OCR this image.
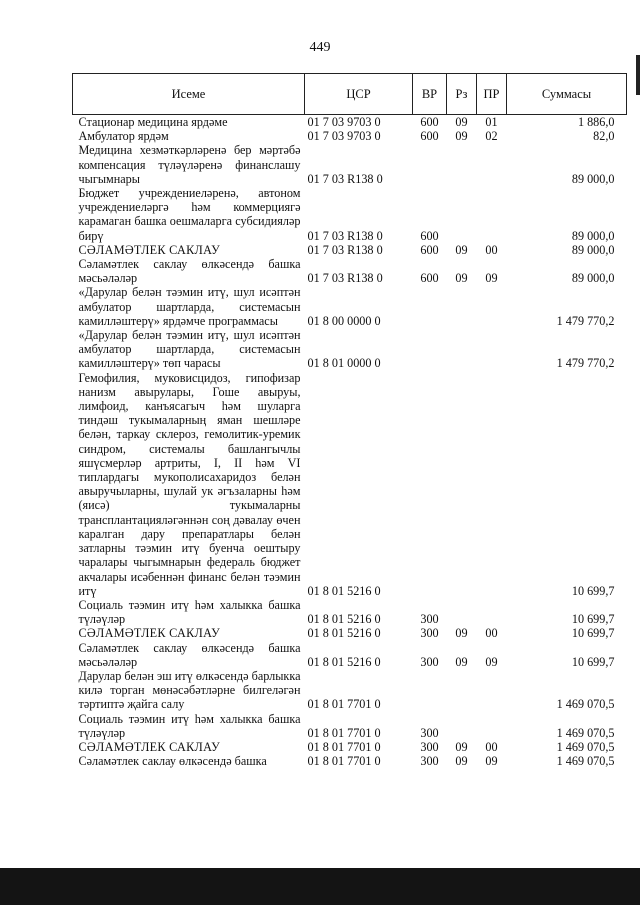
449
Исеме	ЦСР	ВР	Рз	ПР	Суммасы
Стационар медицина ярдәме	01 7 03 9703 0	600	09	01	1 886,0
Амбулатор ярдәм	01 7 03 9703 0	600	09	02	82,0
Медицина хезмәткәрләренә бер мәртәбә компенсация түләүләренә финанслашу чыгымнары	01 7 03 R138 0				89 000,0
Бюджет учреждениеләренә, автоном учреждениеләргә һәм коммерциягә карамаган башка оешмаларга субсидияләр бирү	01 7 03 R138 0	600			89 000,0
СӘЛАМӘТЛЕК САКЛАУ	01 7 03 R138 0	600	09	00	89 000,0
Сәламәтлек саклау өлкәсендә башка мәсьәләләр	01 7 03 R138 0	600	09	09	89 000,0
«Дарулар белән тәэмин итү, шул исәптән амбулатор шартларда, системасын камилләштерү» ярдәмче программасы	01 8 00 0000 0				1 479 770,2
«Дарулар белән тәэмин итү, шул исәптән амбулатор шартларда, системасын камилләштерү» төп чарасы	01 8 01 0000 0				1 479 770,2
Гемофилия, муковисцидоз, гипофизар нанизм авырулары, Гоше авыруы, лимфоид, канъясагыч һәм шуларга тиндәш тукымаларның яман шешләре белән, таркау склероз, гемолитик-уремик синдром, системалы башлангычлы яшүсмерләр артриты, I, II һәм VI типлардагы мукополисахаридоз белән авыручыларны, шулай ук әгъзаларны һәм (яисә) тукымаларны трансплантацияләгәннән соң дәвалау өчен каралган дару препаратлары белән затларны тәэмин итү буенча оештыру чаралары чыгымнарын федераль бюджет акчалары исәбеннән финанс белән тәэмин итү	01 8 01 5216 0				10 699,7
Социаль тәэмин итү һәм халыкка башка түләүләр	01 8 01 5216 0	300			10 699,7
СӘЛАМӘТЛЕК САКЛАУ	01 8 01 5216 0	300	09	00	10 699,7
Сәламәтлек саклау өлкәсендә башка мәсьәләләр	01 8 01 5216 0	300	09	09	10 699,7
Дарулар белән эш итү өлкәсендә барлыкка килә торган мөнәсәбәтләрне билгеләгән тәртиптә җайга салу	01 8 01 7701 0				1 469 070,5
Социаль тәэмин итү һәм халыкка башка түләүләр	01 8 01 7701 0	300			1 469 070,5
СӘЛАМӘТЛЕК САКЛАУ	01 8 01 7701 0	300	09	00	1 469 070,5
Сәламәтлек саклау өлкәсендә башка	01 8 01 7701 0	300	09	09	1 469 070,5
